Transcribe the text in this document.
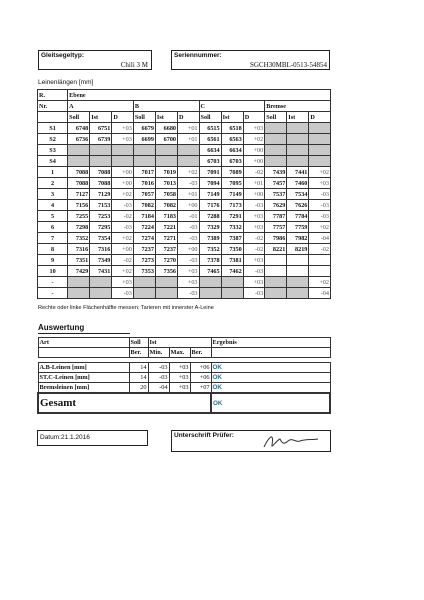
Gleitsegeltyp:
Chili 3 M
Seriennummer:
SGCH30MBL-0513-54854
Leinenlängen [mm]
R.	Ebene											
Nr.	A			B			C			Bremse		
	Soll	Ist	D	Soll	Ist	D	Soll	Ist	D	Soll	Ist	D
S1	6748	6751	+03	6679	6680	+01	6515	6518	+03			
S2	6736	6739	+03	6699	6700	+01	6561	6563	+02			
S3							6634	6634	+00			
S4							6703	6703	+00			
1	7088	7088	+00	7017	7019	+02	7091	7089	-02	7439	7441	+02
2	7088	7088	+00	7016	7013	-03	7094	7095	+01	7457	7460	+03
3	7127	7129	+02	7057	7058	+01	7149	7149	+00	7537	7534	-03
4	7156	7153	-03	7082	7082	+00	7176	7173	-03	7629	7626	-03
5	7255	7253	-02	7184	7183	-01	7288	7291	+03	7787	7784	-03
6	7298	7295	-03	7224	7221	-03	7329	7332	+03	7757	7759	+02
7	7352	7354	+02	7274	7271	-03	7389	7387	-02	7986	7982	-04
8	7316	7316	+00	7237	7237	+00	7352	7350	-02	8221	8219	-02
9	7351	7349	-02	7273	7270	-03	7378	7381	+03			
10	7429	7431	+02	7353	7356	+03	7465	7462	-03			
-			+03			+03			+03			+02
-			-03			-03			-03			-04
Rechte oder linke Flächenhälfte messen; Tarieren mit innerster A-Leine
Auswertung
Art	Soll	Ist			Ergebnis
	Ber.	Min.	Max.	Ber.	

A.B-Leinen [mm]	14	-03	+03	+06	OK
ST.C-Leinen [mm]	14	-03	+03	+06	OK
Bremsleinen [mm]	20	-04	+03	+07	OK
Gesamt					OK
Datum:21.1.2016	Unterschrift Prüfer:
